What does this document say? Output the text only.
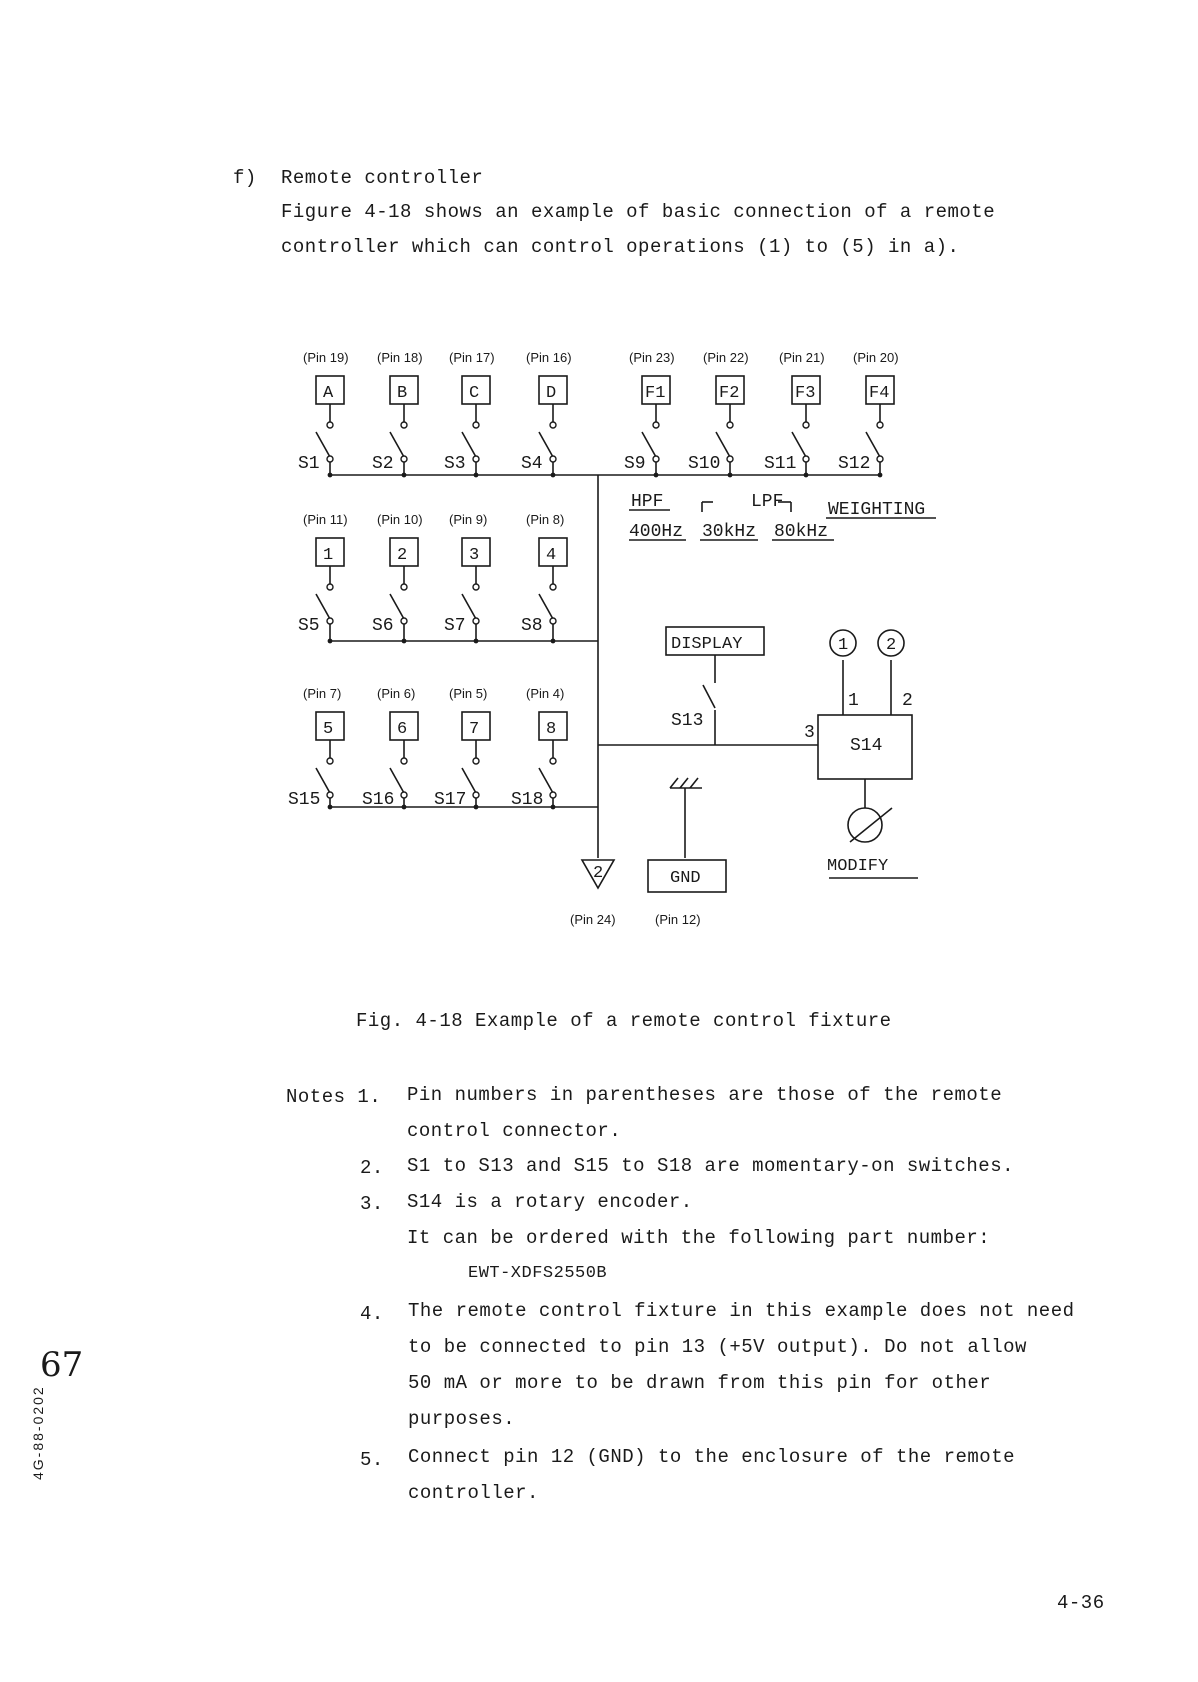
f) Remote controller
Figure 4-18 shows an example of basic connection of a remote
controller which can control operations (1) to (5) in a).
(Pin 19)
A
S1
(Pin 18)
B
S2
(Pin 17)
C
S3
(Pin 16)
D
S4
(Pin 23)
F1
S9
(Pin 22)
F2
S10
(Pin 21)
F3
S11
(Pin 20)
F4
S12
(Pin 11)
1
S5
(Pin 10)
2
S6
(Pin 9)
3
S7
(Pin 8)
4
S8
(Pin 7)
5
S15
(Pin 6)
6
S16
(Pin 5)
7
S17
(Pin 4)
8
S18
HPF
400Hz
LPF
30kHz 80kHz
WEIGHTING
DISPLAY
S13
S14
1 2
3
1 2
MODIFY
GND
2
(Pin 24)	(Pin 12)
Fig. 4-18 Example of a remote control fixture
Notes 1. Pin numbers in parentheses are those of the remote
control connector.
2. S1 to S13 and S15 to S18 are momentary-on switches.
3. S14 is a rotary encoder.
It can be ordered with the following part number:
EWT-XDFS2550B
4. The remote control fixture in this example does not need
to be connected to pin 13 (+5V output). Do not allow
50 mA or more to be drawn from this pin for other
purposes.
5. Connect pin 12 (GND) to the enclosure of the remote
controller.
4-36
4G-88-0202
67
